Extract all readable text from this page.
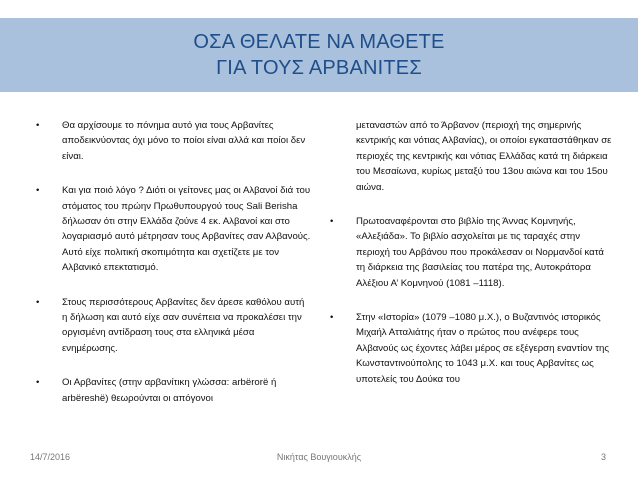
ΟΣΑ ΘΕΛΑΤΕ ΝΑ ΜΑΘΕΤΕ
ΓΙΑ ΤΟΥΣ ΑΡΒΑΝΙΤΕΣ
• Θα αρχίσουμε το πόνημα αυτό για τους Αρβανίτες αποδεικνύοντας όχι μόνο το ποίοι είναι αλλά και ποίοι δεν είναι.
• Και για ποιό λόγο ? Διότι οι γείτονες μας οι Αλβανοί διά του στόματος του πρώην Πρωθυπουργού τους Sali Berisha δήλωσαν ότι στην Ελλάδα ζούνε 4 εκ. Αλβανοί και στο λογαριασμό αυτό μέτρησαν τους Αρβανίτες σαν Αλβανούς. Αυτό είχε πολιτική σκοπιμότητα και σχετίζετε με τον Αλβανικό επεκτατισμό.
• Στους περισσότερους Αρβανίτες δεν άρεσε καθόλου αυτή η δήλωση και αυτό είχε σαν συνέπεια να προκαλέσει την οργισμένη αντίδραση τους στα ελληνικά μέσα ενημέρωσης.
• Οι Αρβανίτες (στην αρβανίτικη γλώσσα: arbërorë ή arbëreshë) θεωρούνται οι απόγονοι
μεταναστών από το Άρβανον (περιοχή της σημερινής κεντρικής και νότιας Αλβανίας), οι οποίοι εγκαταστάθηκαν σε περιοχές της κεντρικής και νότιας Ελλάδας κατά τη διάρκεια του Μεσαίωνα, κυρίως μεταξύ του 13ου αιώνα και του 15ου αιώνα.
• Πρωτοαναφέρονται στο βιβλίο της Άννας Κομνηνής, «Αλεξιάδα». Το βιβλίο ασχολείται με τις ταραχές στην περιοχή του Αρβάνου που προκάλεσαν οι Νορμανδοί κατά τη διάρκεια της βασιλείας του πατέρα της, Αυτοκράτορα Αλέξιου Α’ Κομνηνού (1081 –1118).
• Στην «Ιστορία» (1079 –1080 μ.Χ.), ο Βυζαντινός ιστορικός Μιχαήλ Ατταλιάτης ήταν ο πρώτος που ανέφερε τους Αλβανούς ως έχοντες λάβει μέρος σε εξέγερση εναντίον της Κωνσταντινούπολης το 1043 μ.Χ. και τους Αρβανίτες ως υποτελείς του Δούκα του
14/7/2016	Νικήτας Βουγιουκλής	3
